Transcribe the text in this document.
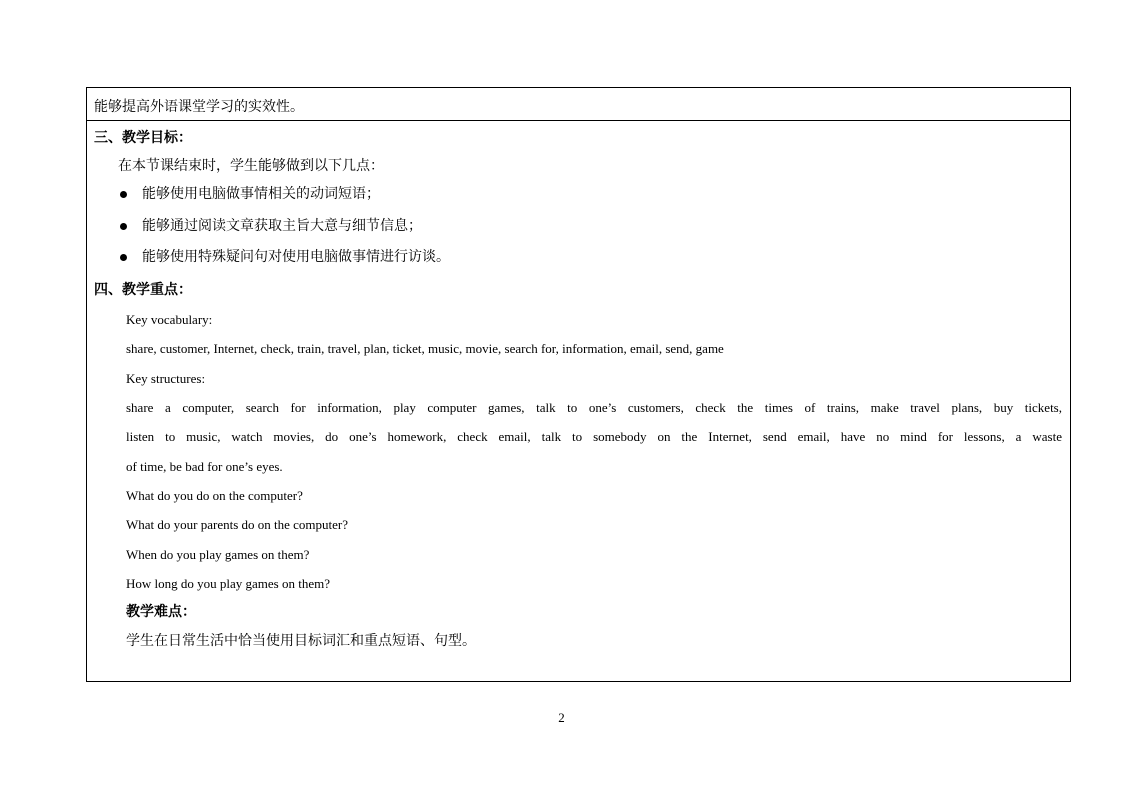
能够提高外语课堂学习的实效性。
三、教学目标：
在本节课结束时，学生能够做到以下几点：
能够使用电脑做事情相关的动词短语；
能够通过阅读文章获取主旨大意与细节信息；
能够使用特殊疑问句对使用电脑做事情进行访谈。
四、教学重点：
Key vocabulary:
share, customer, Internet, check, train, travel, plan, ticket, music, movie, search for, information, email, send, game
Key structures:
share a computer, search for information, play computer games, talk to one’s customers, check the times of trains, make travel plans, buy tickets,
listen to music, watch movies, do one’s homework, check email, talk to somebody on the Internet, send email, have no mind for lessons, a waste
of time, be bad for one’s eyes.
What do you do on the computer?
What do your parents do on the computer?
When do you play games on them?
How long do you play games on them?
教学难点：
学生在日常生活中恰当使用目标词汇和重点短语、句型。
2
